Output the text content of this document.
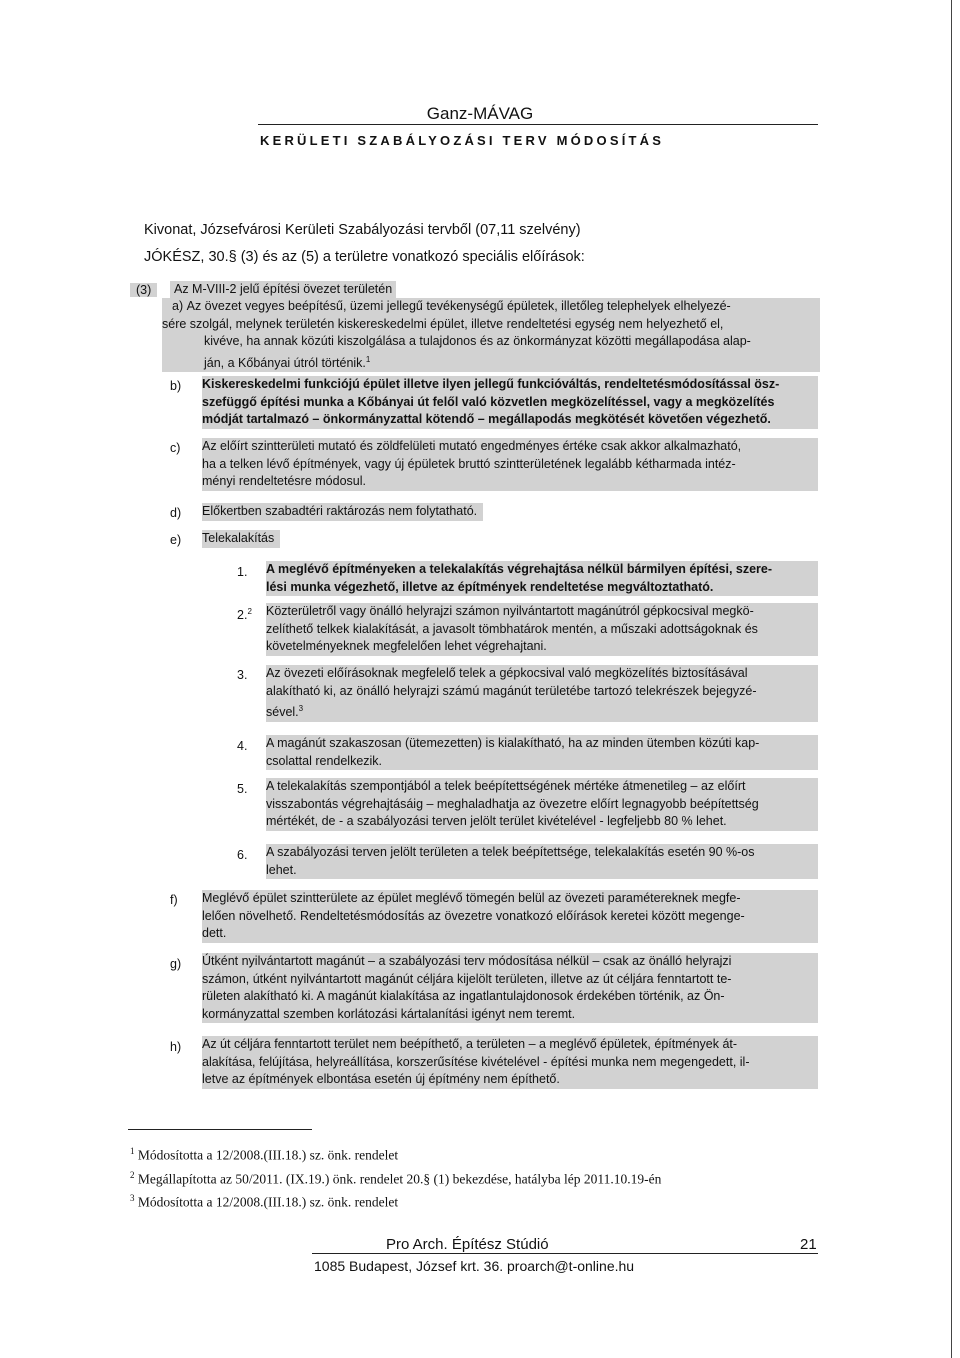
Ganz-MÁVAG
KERÜLETI SZABÁLYOZÁSI TERV MÓDOSÍTÁS
Kivonat, Józsefvárosi Kerületi Szabályozási tervből (07,11 szelvény)
JÓKÉSZ, 30.§ (3) és az (5) a területre vonatkozó speciális előírások:
(3)	Az M-VIII-2 jelű építési övezet területén
a) Az övezet vegyes beépítésű, üzemi jellegű tevékenységű épületek, illetőleg telephelyek elhelyezé-
sére szolgál, melynek területén kiskereskedelmi épület, illetve rendeltetési egység nem helyezhető el,
kivéve, ha annak közúti kiszolgálása a tulajdonos és az önkormányzat közötti megállapodása alap-
ján, a Kőbányai útról történik.$^1$
b) Kiskereskedelmi funkciójú épület illetve ilyen jellegű funkcióváltás, rendeltetésmódosítással ösz-
szefüggő építési munka a Kőbányai út felől való közvetlen megközelítéssel, vagy a megközelítés
módját tartalmazó – önkormányzattal kötendő – megállapodás megkötését követően végezhető.
c) Az előírt szintterületi mutató és zöldfelületi mutató engedményes értéke csak akkor alkalmazható,
ha a telken lévő építmények, vagy új épületek bruttó szintterületének legalább kétharmada intéz-
ményi rendeltetésre módosul.
d) Előkertben szabadtéri raktározás nem folytatható.
e) Telekalakítás
1. A meglévő építményeken a telekalakítás végrehajtása nélkül bármilyen építési, szere-
lési munka végezhető, illetve az építmények rendeltetése megváltoztatható.
2.$^2$ Közterületről vagy önálló helyrajzi számon nyilvántartott magánútról gépkocsival megkö-
zelíthető telkek kialakítását, a javasolt tömbhatárok mentén, a műszaki adottságoknak és
követelményeknek megfelelően lehet végrehajtani.
3. Az övezeti előírásoknak megfelelő telek a gépkocsival való megközelítés biztosításával
alakítható ki, az önálló helyrajzi számú magánút területébe tartozó telekrészek bejegyzé-
sével.$^3$
4. A magánút szakaszosan (ütemezetten) is kialakítható, ha az minden ütemben közúti kap-
csolattal rendelkezik.
5. A telekalakítás szempontjából a telek beépítettségének mértéke átmenetileg – az előírt
visszabontás végrehajtásáig – meghaladhatja az övezetre előírt legnagyobb beépítettség
mértékét, de - a szabályozási terven jelölt terület kivételével - legfeljebb 80 % lehet.
6. A szabályozási terven jelölt területen a telek beépítettsége, telekalakítás esetén 90 %-os
lehet.
f) Meglévő épület szintterülete az épület meglévő tömegén belül az övezeti paramétereknek megfe-
lelően növelhető. Rendeltetésmódosítás az övezetre vonatkozó előírások keretei között megenge-
dett.
g) Útként nyilvántartott magánút – a szabályozási terv módosítása nélkül – csak az önálló helyrajzi
számon, útként nyilvántartott magánút céljára kijelölt területen, illetve az út céljára fenntartott te-
rületen alakítható ki. A magánút kialakítása az ingatlantulajdonosok érdekében történik, az Ön-
kormányzattal szemben korlátozási kártalanítási igényt nem teremt.
h) Az út céljára fenntartott terület nem beépíthető, a területen – a meglévő épületek, építmények át-
alakítása, felújítása, helyreállítása, korszerűsítése kivételével - építési munka nem megengedett, il-
letve az építmények elbontása esetén új építmény nem építhető.
$^1$ Módosította a 12/2008.(III.18.) sz. önk. rendelet
$^2$ Megállapította az 50/2011. (IX.19.) önk. rendelet 20.§ (1) bekezdése, hatályba lép 2011.10.19-én
$^3$ Módosította a 12/2008.(III.18.) sz. önk. rendelet
Pro Arch. Építész Stúdió	21
1085 Budapest, József krt. 36. proarch@t-online.hu
